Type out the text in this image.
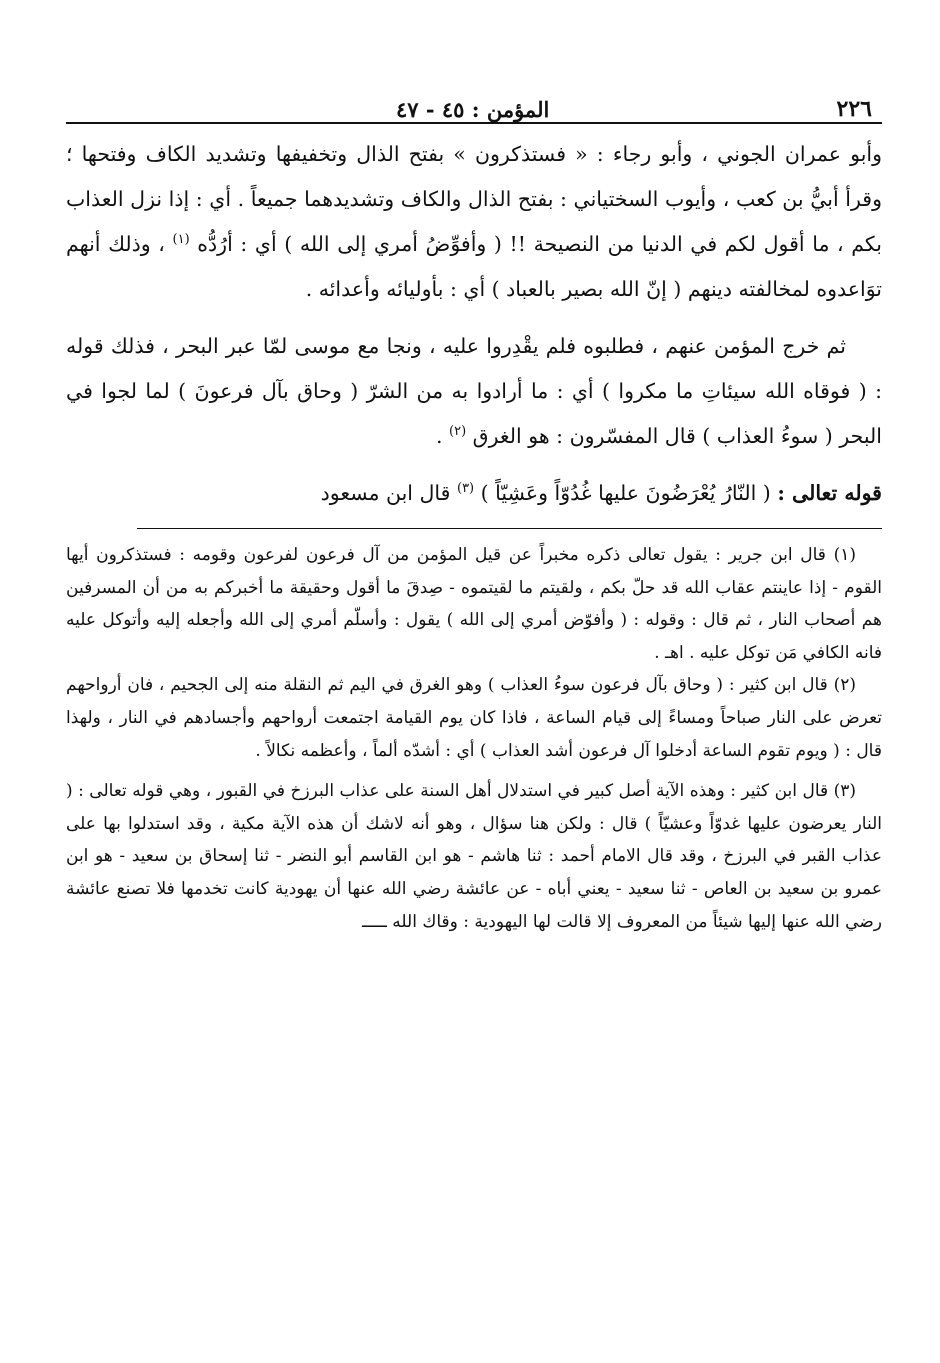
٢٢٦
المؤمن : ٤٥ - ٤٧

وأبو عمران الجوني ، وأبو رجاء : « فستذكرون » بفتح الذال وتخفيفها وتشديد الكاف وفتحها ؛ وقرأ أبيُّ بن كعب ، وأيوب السختياني : بفتح الذال والكاف وتشديدهما جميعاً . أي : إذا نزل العذاب بكم ، ما أقول لكم في الدنيا من النصيحة !! ( وأفوِّضُ أمري إلى الله ) أي : أرُدُّه $^{(١)}$ ، وذلك أنهم توَاعدوه لمخالفته دينهم ( إنّ الله بصير بالعباد ) أي : بأوليائه وأعدائه .

ثم خرج المؤمن عنهم ، فطلبوه فلم يقْدِروا عليه ، ونجا مع موسى لمّا عبر البحر ، فذلك قوله : ( فوقاه الله سيئاتِ ما مكروا ) أي : ما أرادوا به من الشرّ ( وحاق بآل فرعونَ ) لما لجوا في البحر ( سوءُ العذاب ) قال المفسّرون : هو الغرق $^{(٢)}$ .

قوله تعالى : ( النّارُ يُعْرَضُونَ عليها غُدُوّاً وعَشِيّاً ) $^{(٣)}$ قال ابن مسعود

(١) قال ابن جرير : يقول تعالى ذكره مخبراً عن قيل المؤمن من آل فرعون لفرعون وقومه : فستذكرون أيها القوم - إذا عاينتم عقاب الله قد حلّ بكم ، ولقيتم ما لقيتموه - صِدقَ ما أقول وحقيقة ما أخبركم به من أن المسرفين هم أصحاب النار ، ثم قال : وقوله : ( وأفوّض أمري إلى الله ) يقول : وأسلّم أمري إلى الله وأجعله إليه وأتوكل عليه فانه الكافي مَن توكل عليه . اهـ .

(٢) قال ابن كثير : ( وحاق بآل فرعون سوءُ العذاب ) وهو الغرق في اليم ثم النقلة منه إلى الجحيم ، فان أرواحهم تعرض على النار صباحاً ومساءً إلى قيام الساعة ، فاذا كان يوم القيامة اجتمعت أرواحهم وأجسادهم في النار ، ولهذا قال : ( ويوم تقوم الساعة أدخلوا آل فرعون أشد العذاب ) أي : أشدّه ألماً ، وأعظمه نكالاً .

(٣) قال ابن كثير : وهذه الآية أصل كبير في استدلال أهل السنة على عذاب البرزخ في القبور ، وهي قوله تعالى : ( النار يعرضون عليها غدوّاً وعشيّاً ) قال : ولكن هنا سؤال ، وهو أنه لاشك أن هذه الآية مكية ، وقد استدلوا بها على عذاب القبر في البرزخ ، وقد قال الامام أحمد : ثنا هاشم - هو ابن القاسم أبو النضر - ثنا إسحاق بن سعيد - هو ابن عمرو بن سعيد بن العاص - ثنا سعيد - يعني أباه - عن عائشة رضي الله عنها أن يهودية كانت تخدمها فلا تصنع عائشة رضي الله عنها إليها شيئاً من المعروف إلا قالت لها اليهودية : وقاك الله ـــــ
